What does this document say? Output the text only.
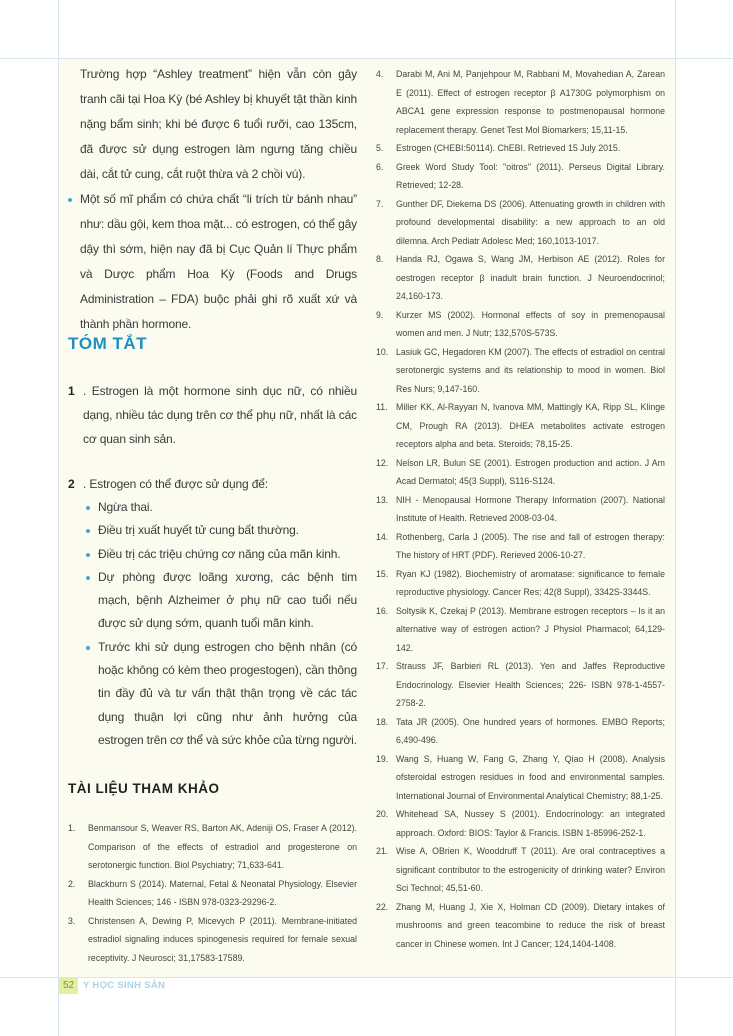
Trường hợp “Ashley treatment” hiện vẫn còn gây tranh cãi tại Hoa Kỳ (bé Ashley bị khuyết tật thần kinh nặng bẩm sinh; khi bé được 6 tuổi rưỡi, cao 135cm, đã được sử dụng estrogen làm ngưng tăng chiều dài, cắt tử cung, cắt ruột thừa và 2 chồi vú).

Một số mĩ phẩm có chứa chất “li trích từ bánh nhau” như: dầu gội, kem thoa mặt... có estrogen, có thể gây dậy thì sớm, hiện nay đã bị Cục Quản lí Thực phẩm và Dược phẩm Hoa Kỳ (Foods and Drugs Administration – FDA) buộc phải ghi rõ xuất xứ và thành phần hormone.

TÓM TẮT
1 . Estrogen là một hormone sinh dục nữ, có nhiều dạng, nhiều tác dụng trên cơ thể phụ nữ, nhất là các cơ quan sinh sản.
2 . Estrogen có thể được sử dụng để:
Ngừa thai.
Điều trị xuất huyết tử cung bất thường.
Điều trị các triệu chứng cơ năng của mãn kinh.
Dự phòng được loãng xương, các bệnh tim mạch, bệnh Alzheimer ở phụ nữ cao tuổi nếu được sử dụng sớm, quanh tuổi mãn kinh.
Trước khi sử dụng estrogen cho bệnh nhân (có hoặc không có kèm theo progestogen), cần thông tin đầy đủ và tư vấn thật thận trọng về các tác dụng thuận lợi cũng như ảnh hưởng của estrogen trên cơ thể và sức khỏe của từng người.
TÀI LIỆU THAM KHẢO
1. Benmansour S, Weaver RS, Barton AK, Adeniji OS, Fraser A (2012). Comparison of the effects of estradiol and progesterone on serotonergic function. Biol Psychiatry; 71,633-641.
2. Blackburn S (2014). Maternal, Fetal & Neonatal Physiology. Elsevier Health Sciences; 146 - ISBN 978-0323-29296-2.
3. Christensen A, Dewing P, Micevych P (2011). Membrane-initiated estradiol signaling induces spinogenesis required for female sexual receptivity. J Neurosci; 31,17583-17589.
4. Darabi M, Ani M, Panjehpour M, Rabbani M, Movahedian A, Zarean E (2011). Effect of estrogen receptor β A1730G polymorphism on ABCA1 gene expression response to postmenopausal hormone replacement therapy. Genet Test Mol Biomarkers; 15,11-15.
5. Estrogen (CHEBI:50114). ChEBI. Retrieved 15 July 2015.
6. Greek Word Study Tool: "oitros" (2011). Perseus Digital Library. Retrieved; 12-28.
7. Gunther DF, Diekema DS (2006). Attenuating growth in children with profound developmental disability: a new approach to an old dilemna. Arch Pediatr Adolesc Med; 160,1013-1017.
8. Handa RJ, Ogawa S, Wang JM, Herbison AE (2012). Roles for oestrogen receptor β inadult brain function. J Neuroendocrinol; 24,160-173.
9. Kurzer MS (2002). Hormonal effects of soy in premenopausal women and men. J Nutr; 132,570S-573S.
10. Lasiuk GC, Hegadoren KM (2007). The effects of estradiol on central serotonergic systems and its relationship to mood in women. Biol Res Nurs; 9,147-160.
11. Miller KK, Al-Rayyan N, Ivanova MM, Mattingly KA, Ripp SL, Klinge CM, Prough RA (2013). DHEA metabolites activate estrogen receptors alpha and beta. Steroids; 78,15-25.
12. Nelson LR, Bulun SE (2001). Estrogen production and action. J Am Acad Dermatol; 45(3 Suppl), S116-S124.
13. NIH - Menopausal Hormone Therapy Information (2007). National Institute of Health. Retrieved 2008-03-04.
14. Rothenberg, Carla J (2005). The rise and fall of estrogen therapy: The history of HRT (PDF). Rerieved 2006-10-27.
15. Ryan KJ (1982). Biochemistry of aromatase: significance to female reproductive physiology. Cancer Res; 42(8 Suppl), 3342S-3344S.
16. Soltysik K, Czekaj P (2013). Membrane estrogen receptors – Is it an alternative way of estrogen action? J Physiol Pharmacol; 64,129-142.
17. Strauss JF, Barbieri RL (2013). Yen and Jaffes Reproductive Endocrinology. Elsevier Health Sciences; 226- ISBN 978-1-4557-2758-2.
18. Tata JR (2005). One hundred years of hormones. EMBO Reports; 6,490-496.
19. Wang S, Huang W, Fang G, Zhang Y, Qiao H (2008). Analysis ofsteroidal estrogen residues in food and environmental samples. International Journal of Environmental Analytical Chemistry; 88,1-25.
20. Whitehead SA, Nussey S (2001). Endocrinology: an integrated approach. Oxford: BIOS: Taylor & Francis. ISBN 1-85996-252-1.
21. Wise A, OBrien K, Wooddruff T (2011). Are oral contraceptives a significant contributor to the estrogenicity of drinking water? Environ Sci Technol; 45,51-60.
22. Zhang M, Huang J, Xie X, Holman CD (2009). Dietary intakes of mushrooms and green teacombine to reduce the risk of breast cancer in Chinese women. Int J Cancer; 124,1404-1408.
52 Y HỌC SINH SẢN
